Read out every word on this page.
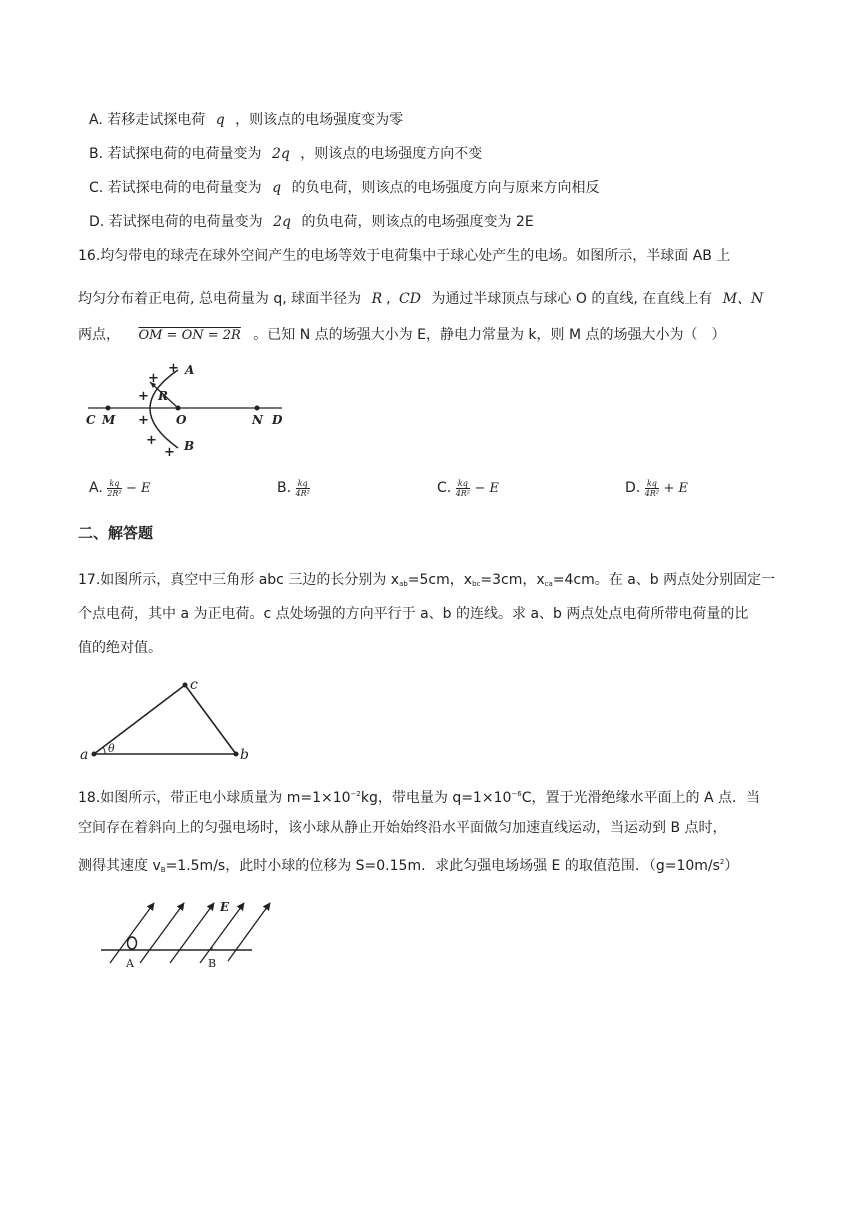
A. 若移走试探电荷 q ，则该点的电场强度变为零
B. 若试探电荷的电荷量变为 2q ，则该点的电场强度方向不变
C. 若试探电荷的电荷量变为 q 的负电荷，则该点的电场强度方向与原来方向相反
D. 若试探电荷的电荷量变为 2q 的负电荷，则该点的电场强度变为 2E
16.均匀带电的球壳在球外空间产生的电场等效于电荷集中于球心处产生的电场。如图所示，半球面 AB 上
均匀分布着正电荷, 总电荷量为 q, 球面半径为 R , CD 为通过半球顶点与球心 O 的直线, 在直线上有 M、N
两点， OM = ON = 2R 。已知 N 点的场强大小为 E，静电力常量为 k，则 M 点的场强大小为（　）
A
R
C M	O	N D
B
+
+
+
+
+
+
A. $\frac{kq}{\text{2R²}} - E$	B. $\frac{kq}{\text{4R²}}$	C. $\frac{kq}{\text{4R²}} - E$	D. $\frac{kq}{\text{4R²}} + E$
二、解答题
17.如图所示，真空中三角形 abc 三边的长分别为 $x_{ab}=5cm$，$x_{bc}=3cm$，$x_{ca}=4cm$。在 a、b 两点处分别固定一
个点电荷，其中 a 为正电荷。c 点处场强的方向平行于 a、b 的连线。求 a、b 两点处点电荷所带电荷量的比
值的绝对值。
a	b
c
θ
18.如图所示，带正电小球质量为 $m=1\times 10^{-2}kg$，带电量为 $q=1\times 10^{-6}C$，置于光滑绝缘水平面上的 A 点．当
空间存在着斜向上的匀强电场时，该小球从静止开始始终沿水平面做匀加速直线运动，当运动到 B 点时，
测得其速度 $v_B=1.5m/s$，此时小球的位移为 S=0.15m．求此匀强电场场强 E 的取值范围．$(g=10m/s^2)$
E
A	B
